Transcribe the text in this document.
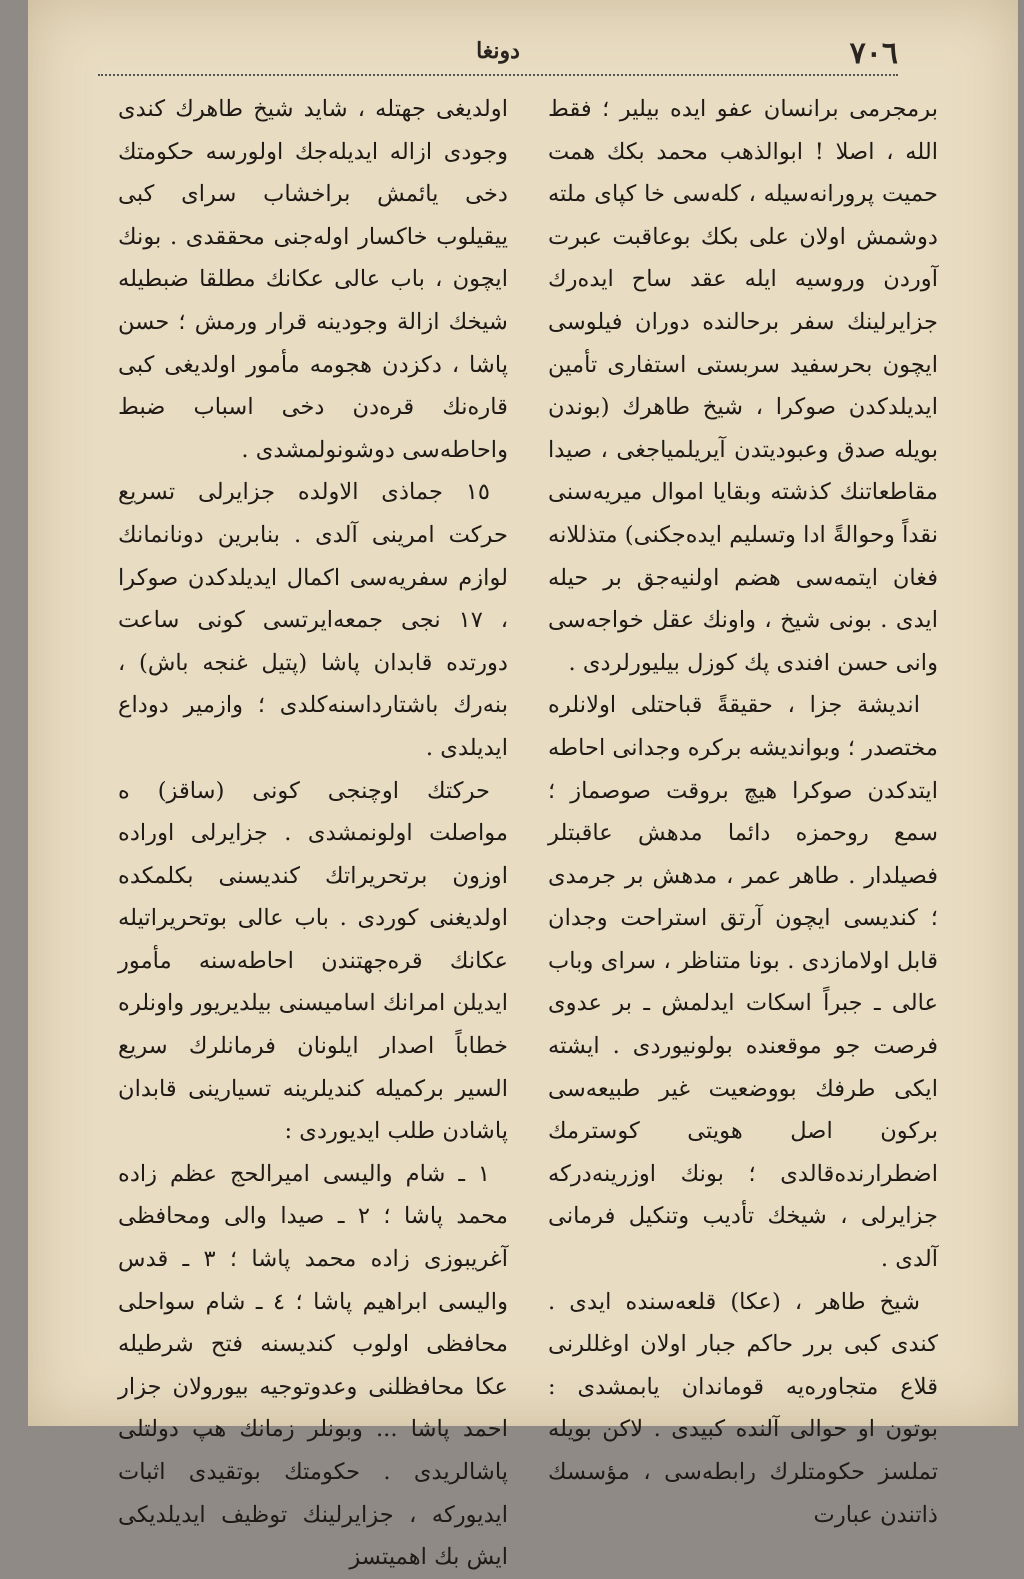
٧٠٦
دونغا

برمجرمى برانسان عفو ايده بيلير ؛ فقط الله ، اصلا ! ابوالذهب محمد بكك همت حمیت پرورانەسیلە ، كلەسى خا كپاى ملتە دوشمش اولان على بكك بوعاقبت عبرت آوردن وروسيه ايلە عقد ساح ايدەرك جزايرلينك سفر برحالندە دوران فيلوسى ايچون بحرسفيد سربستى استفارى تأمين ايديلدكدن صوكرا ، شيخ طاهرك (بوندن بويلە صدق وعبوديتدن آيريلمياجغى ، صيدا مقاطعاتنك كذشتە وبقايا اموال ميريەسنى نقداً وحوالةً ادا وتسليم ايدەجكنى) متذللانە فغان ايتمەسى هضم اولنيەجق بر حيلە ايدى . بونى شيخ ، واونك عقل خواجەسى وانى حسن افندى پك كوزل بيليورلردى .

انديشة جزا ، حقيقةً قباحتلى اولانلرە مختصدر ؛ وبوانديشە بركرە وجدانى احاطە ايتدكدن صوكرا هيچ بروقت صوصماز ؛ سمع روحمزە دائما مدهش عاقبتلر فصيلدار . طاهر عمر ، مدهش بر جرمدى ؛ كنديسى ايچون آرتق استراحت وجدان قابل اولامازدى . بونا متناظر ، سراى وباب عالى ـ جبراً اسكات ايدلمش ـ بر عدوى فرصت جو موقعندە بولونيوردى . ايشتە ايكى طرفك بووضعيت غير طبيعەسى بركون اصل هويتى كوسترمك اضطرارندەقالدى ؛ بونك اوزرينەدركە جزايرلى ، شيخك تأديب وتنكيل فرمانى آلدى .

شيخ طاهر ، (عكا) قلعەسندە ايدى . كندى كبى برر حاكم جبار اولان اوغللرنى قلاع متجاورەيە قوماندان يابمشدى : بوتون او حوالى آلندە كبيدى . لاكن بويلە تملسز حكومتلرك رابطەسى ، مؤسسك ذاتندن عبارت

اولدیغى جهتلە ، شايد شيخ طاهرك كندى وجودى ازالە ايديلەجك اولورسە حكومتك دخى يائمش براخشاب سراى كبى ييقيلوب خاكسار اولەجنى محققدى . بونك ايچون ، باب عالى عكانك مطلقا ضبطيلە شيخك ازالة وجودينە قرار ورمش ؛ حسن پاشا ، دكزدن هجومە مأمور اولديغى كبى قارەنك قرەدن دخى اسباب ضبط واحاطەسى دوشونولمشدى .

١٥ جماذى الاولده جزايرلى تسريع حركت امرينى آلدى . بنابرين دونانمانك لوازم سفريەسى اكمال ايديلدكدن صوكرا ، ١٧ نجى جمعەايرتسى كونى ساعت دورتدە قابدان پاشا (پتيل غنجە باش) ، بنەرك باشتارداسنەكلدى ؛ وازمير دوداع ايديلدى .

حركتك اوچنجى كونى (ساقز) ە مواصلت اولونمشدى . جزايرلى اورادە اوزون برتحريراتك كنديسنى بكلمكدە اولديغنى كوردى . باب عالى بوتحريراتيلە عكانك قرەجهتندن احاطەسنە مأمور ايديلن امرانك اساميسنى بيلديريور واونلرە خطاباً اصدار ايلونان فرمانلرك سريع السير بركميلە كنديلرينە تسيارينى قابدان پاشادن طلب ايديوردى :

١ ـ شام واليسى اميرالحج عظم زادە محمد پاشا ؛ ٢ ـ صيدا والى ومحافظى آغريبوزى زادە محمد پاشا ؛ ٣ ـ قدس واليسى ابراهيم پاشا ؛ ٤ ـ شام سواحلى محافظى اولوب كنديسنە فتح شرطيلە عكا محافظلنى وعدوتوجيە بيورولان جزار احمد پاشا ... وبونلر زمانك هپ دولتلى پاشالريدى . حكومتك بوتقيدى اثبات ايديوركە ، جزايرلينك توظيف ايديلديكى ايش بك اهميتسز
